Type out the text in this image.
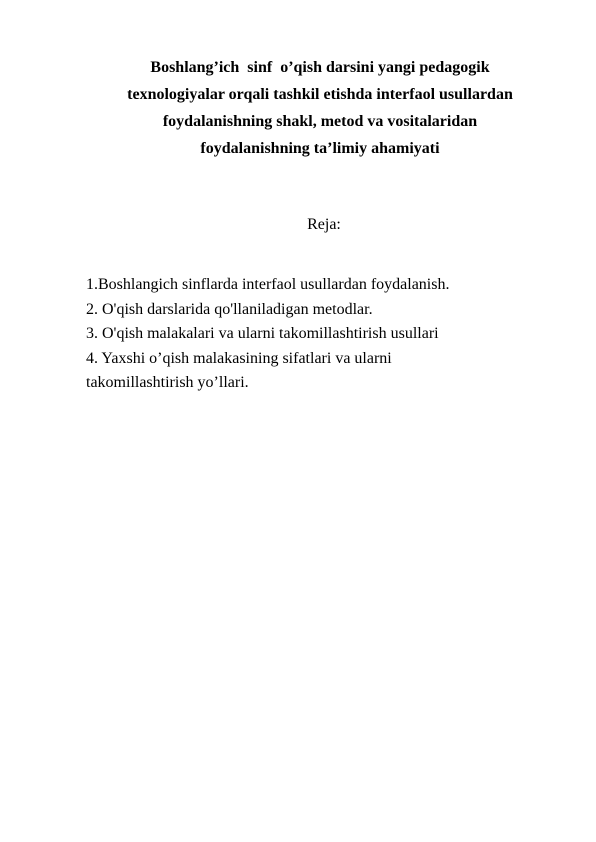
Boshlang’ich  sinf  o’qish darsini yangi pedagogik
texnologiyalar orqali tashkil etishda interfaol usullardan
foydalanishning shakl, metod va vositalaridan
foydalanishning ta’limiy ahamiyati

Reja:

1.Boshlangich sinflarda interfaol usullardan foydalanish.
2. O'qish darslarida qo'llaniladigan metodlar.
3. O'qish malakalari va ularni takomillashtirish usullari
4. Yaxshi o’qish malakasining sifatlari va ularni
takomillashtirish yo’llari.
